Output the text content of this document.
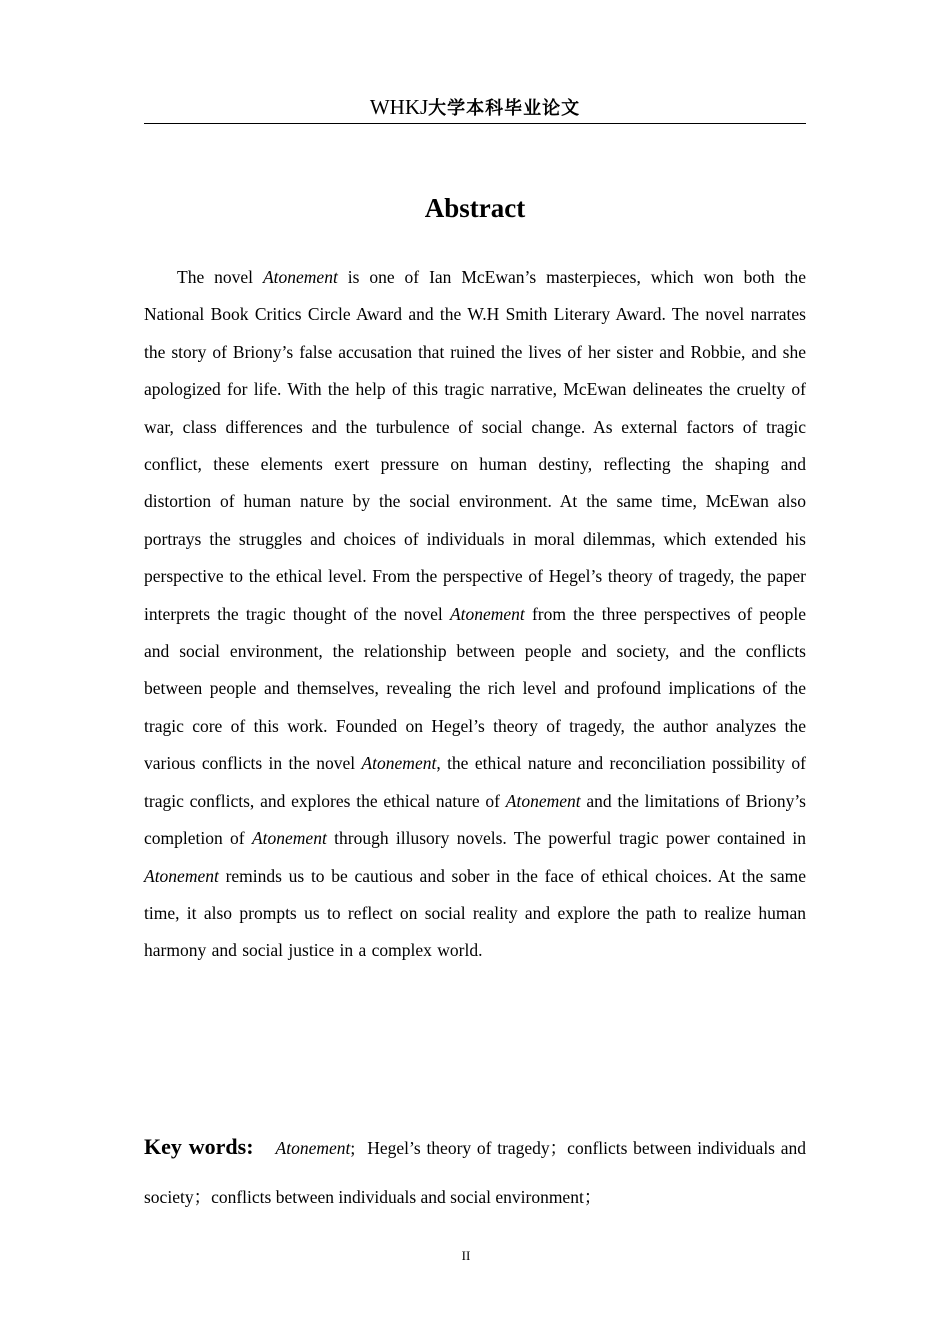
WHKJ大学本科毕业论文
Abstract

The novel Atonement is one of Ian McEwan’s masterpieces, which won both the National Book Critics Circle Award and the W.H Smith Literary Award. The novel narrates the story of Briony’s false accusation that ruined the lives of her sister and Robbie, and she apologized for life. With the help of this tragic narrative, McEwan delineates the cruelty of war, class differences and the turbulence of social change. As external factors of tragic conflict, these elements exert pressure on human destiny, reflecting the shaping and distortion of human nature by the social environment. At the same time, McEwan also portrays the struggles and choices of individuals in moral dilemmas, which extended his perspective to the ethical level. From the perspective of Hegel’s theory of tragedy, the paper interprets the tragic thought of the novel Atonement from the three perspectives of people and social environment, the relationship between people and society, and the conflicts between people and themselves, revealing the rich level and profound implications of the tragic core of this work. Founded on Hegel’s theory of tragedy, the author analyzes the various conflicts in the novel Atonement, the ethical nature and reconciliation possibility of tragic conflicts, and explores the ethical nature of Atonement and the limitations of Briony’s completion of Atonement through illusory novels. The powerful tragic power contained in Atonement reminds us to be cautious and sober in the face of ethical choices. At the same time, it also prompts us to reflect on social reality and explore the path to realize human harmony and social justice in a complex world.

Key words: Atonement; Hegel’s theory of tragedy；conflicts between individuals and society；conflicts between individuals and social environment；

II
